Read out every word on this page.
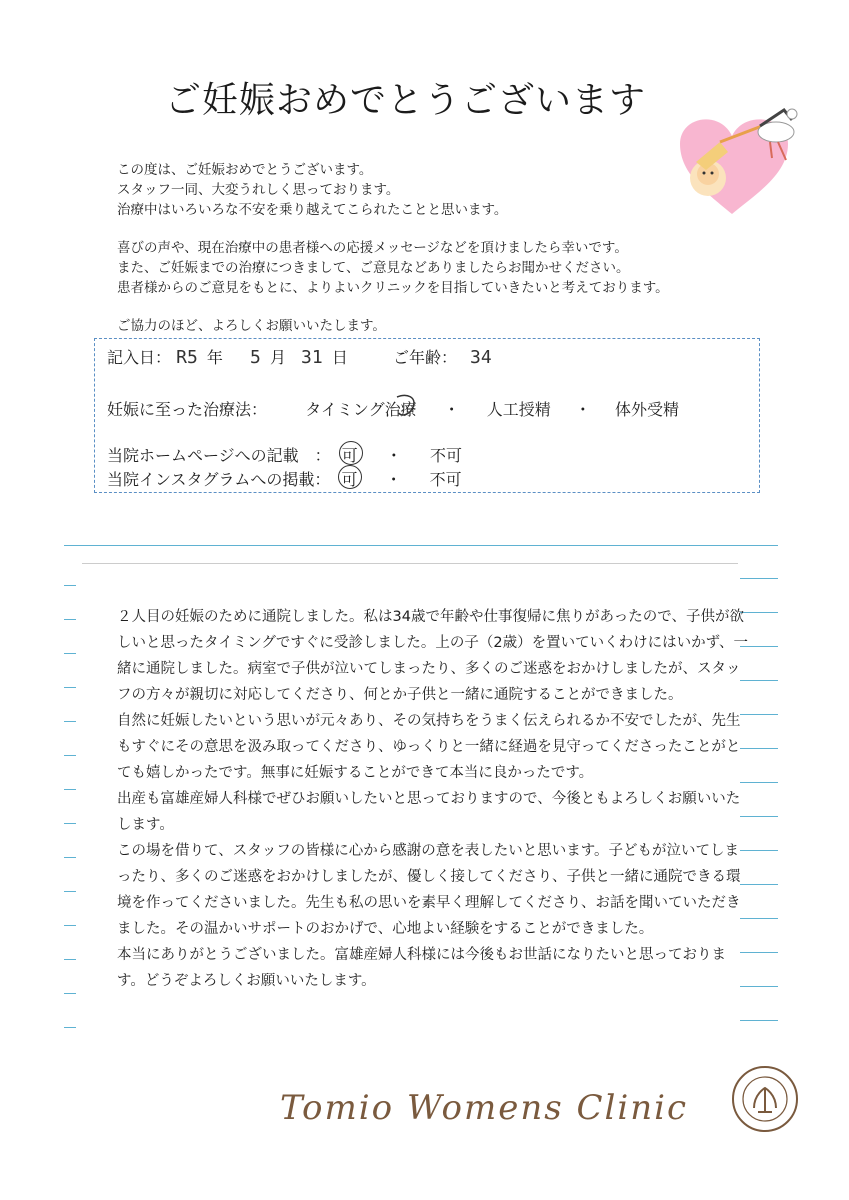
ご妊娠おめでとうございます

この度は、ご妊娠おめでとうございます。

スタッフ一同、大変うれしく思っております。

治療中はいろいろな不安を乗り越えてこられたことと思います。

喜びの声や、現在治療中の患者様への応援メッセージなどを頂けましたら幸いです。

また、ご妊娠までの治療につきまして、ご意見などありましたらお聞かせください。

患者様からのご意見をもとに、よりよいクリニックを目指していきたいと考えております。

ご協力のほど、よろしくお願いいたします。

記入日： R5 年 5 月 31 日	ご年齢： 34
妊娠に至った治療法： タイミング治療 ・ 人工授精 ・ 体外受精
当院ホームページへの記載　： 可 ・ 不可
当院インスタグラムへの掲載： 可 ・ 不可

２人目の妊娠のために通院しました。私は34歳で年齢や仕事復帰に焦りがあったので、子供が欲しいと思ったタイミングですぐに受診しました。上の子（2歳）を置いていくわけにはいかず、一緒に通院しました。病室で子供が泣いてしまったり、多くのご迷惑をおかけしましたが、スタッフの方々が親切に対応してくださり、何とか子供と一緒に通院することができました。

自然に妊娠したいという思いが元々あり、その気持ちをうまく伝えられるか不安でしたが、先生もすぐにその意思を汲み取ってくださり、ゆっくりと一緒に経過を見守ってくださったことがとても嬉しかったです。無事に妊娠することができて本当に良かったです。

出産も富雄産婦人科様でぜひお願いしたいと思っておりますので、今後ともよろしくお願いいたします。

この場を借りて、スタッフの皆様に心から感謝の意を表したいと思います。子どもが泣いてしまったり、多くのご迷惑をおかけしましたが、優しく接してくださり、子供と一緒に通院できる環境を作ってくださいました。先生も私の思いを素早く理解してくださり、お話を聞いていただきました。その温かいサポートのおかげで、心地よい経験をすることができました。

本当にありがとうございました。富雄産婦人科様には今後もお世話になりたいと思っております。どうぞよろしくお願いいたします。

Tomio Womens Clinic
